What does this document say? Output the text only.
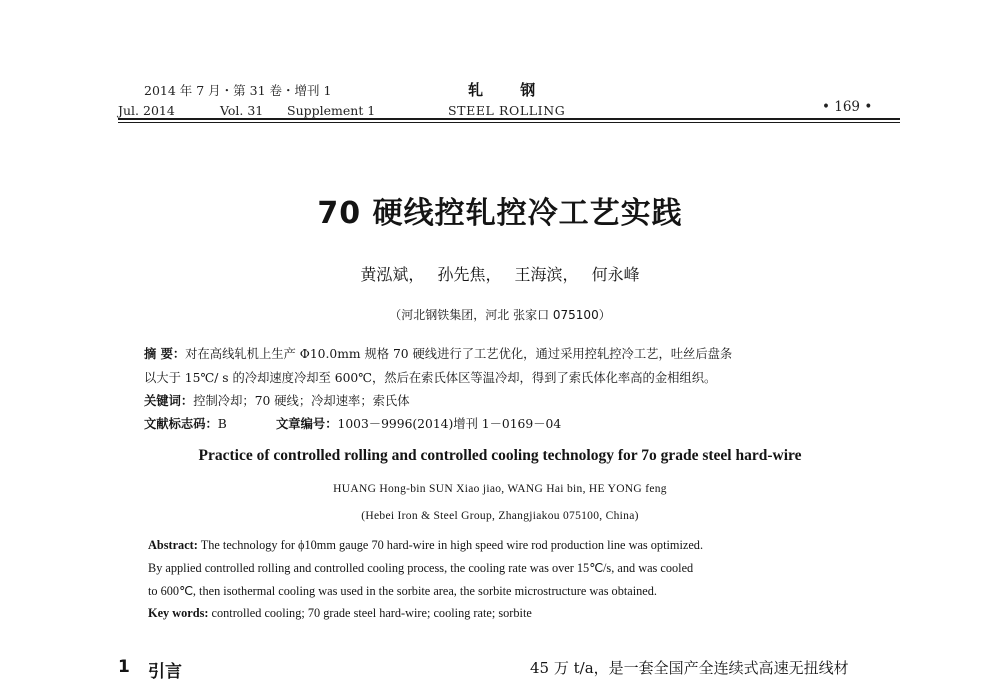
2014 年 7 月・第 31 卷・增刊 1
Jul. 2014	Vol. 31 Supplement 1
轧 钢
STEEL ROLLING	• 169 •
70 硬线控轧控冷工艺实践
黄泓斌， 孙先焦， 王海滨， 何永峰
（河北钢铁集团，河北 张家口 075100）
摘 要：对在高线轧机上生产 Φ10.0mm 规格 70 硬线进行了工艺优化，通过采用控轧控冷工艺，吐丝后盘条
以大于 15℃/ s 的冷却速度冷却至 600℃，然后在索氏体区等温冷却，得到了索氏体化率高的金相组织。
关键词：控制冷却；70 硬线；冷却速率；索氏体
文献标志码：B	文章编号：1003－9996(2014)增刊 1－0169－04
Practice of controlled rolling and controlled cooling technology for 7o grade steel hard-wire
HUANG Hong-bin SUN Xiao jiao, WANG Hai bin, HE YONG feng
(Hebei Iron & Steel Group, Zhangjiakou 075100, China)
Abstract: The technology for ϕ10mm gauge 70 hard-wire in high speed wire rod production line was optimized.
By applied controlled rolling and controlled cooling process, the cooling rate was over 15℃/s, and was cooled
to 600℃, then isothermal cooling was used in the sorbite area, the sorbite microstructure was obtained.
Key words: controlled cooling; 70 grade steel hard-wire; cooling rate; sorbite
1 引言	45 万 t/a，是一套全国产全连续式高速无扭线材
